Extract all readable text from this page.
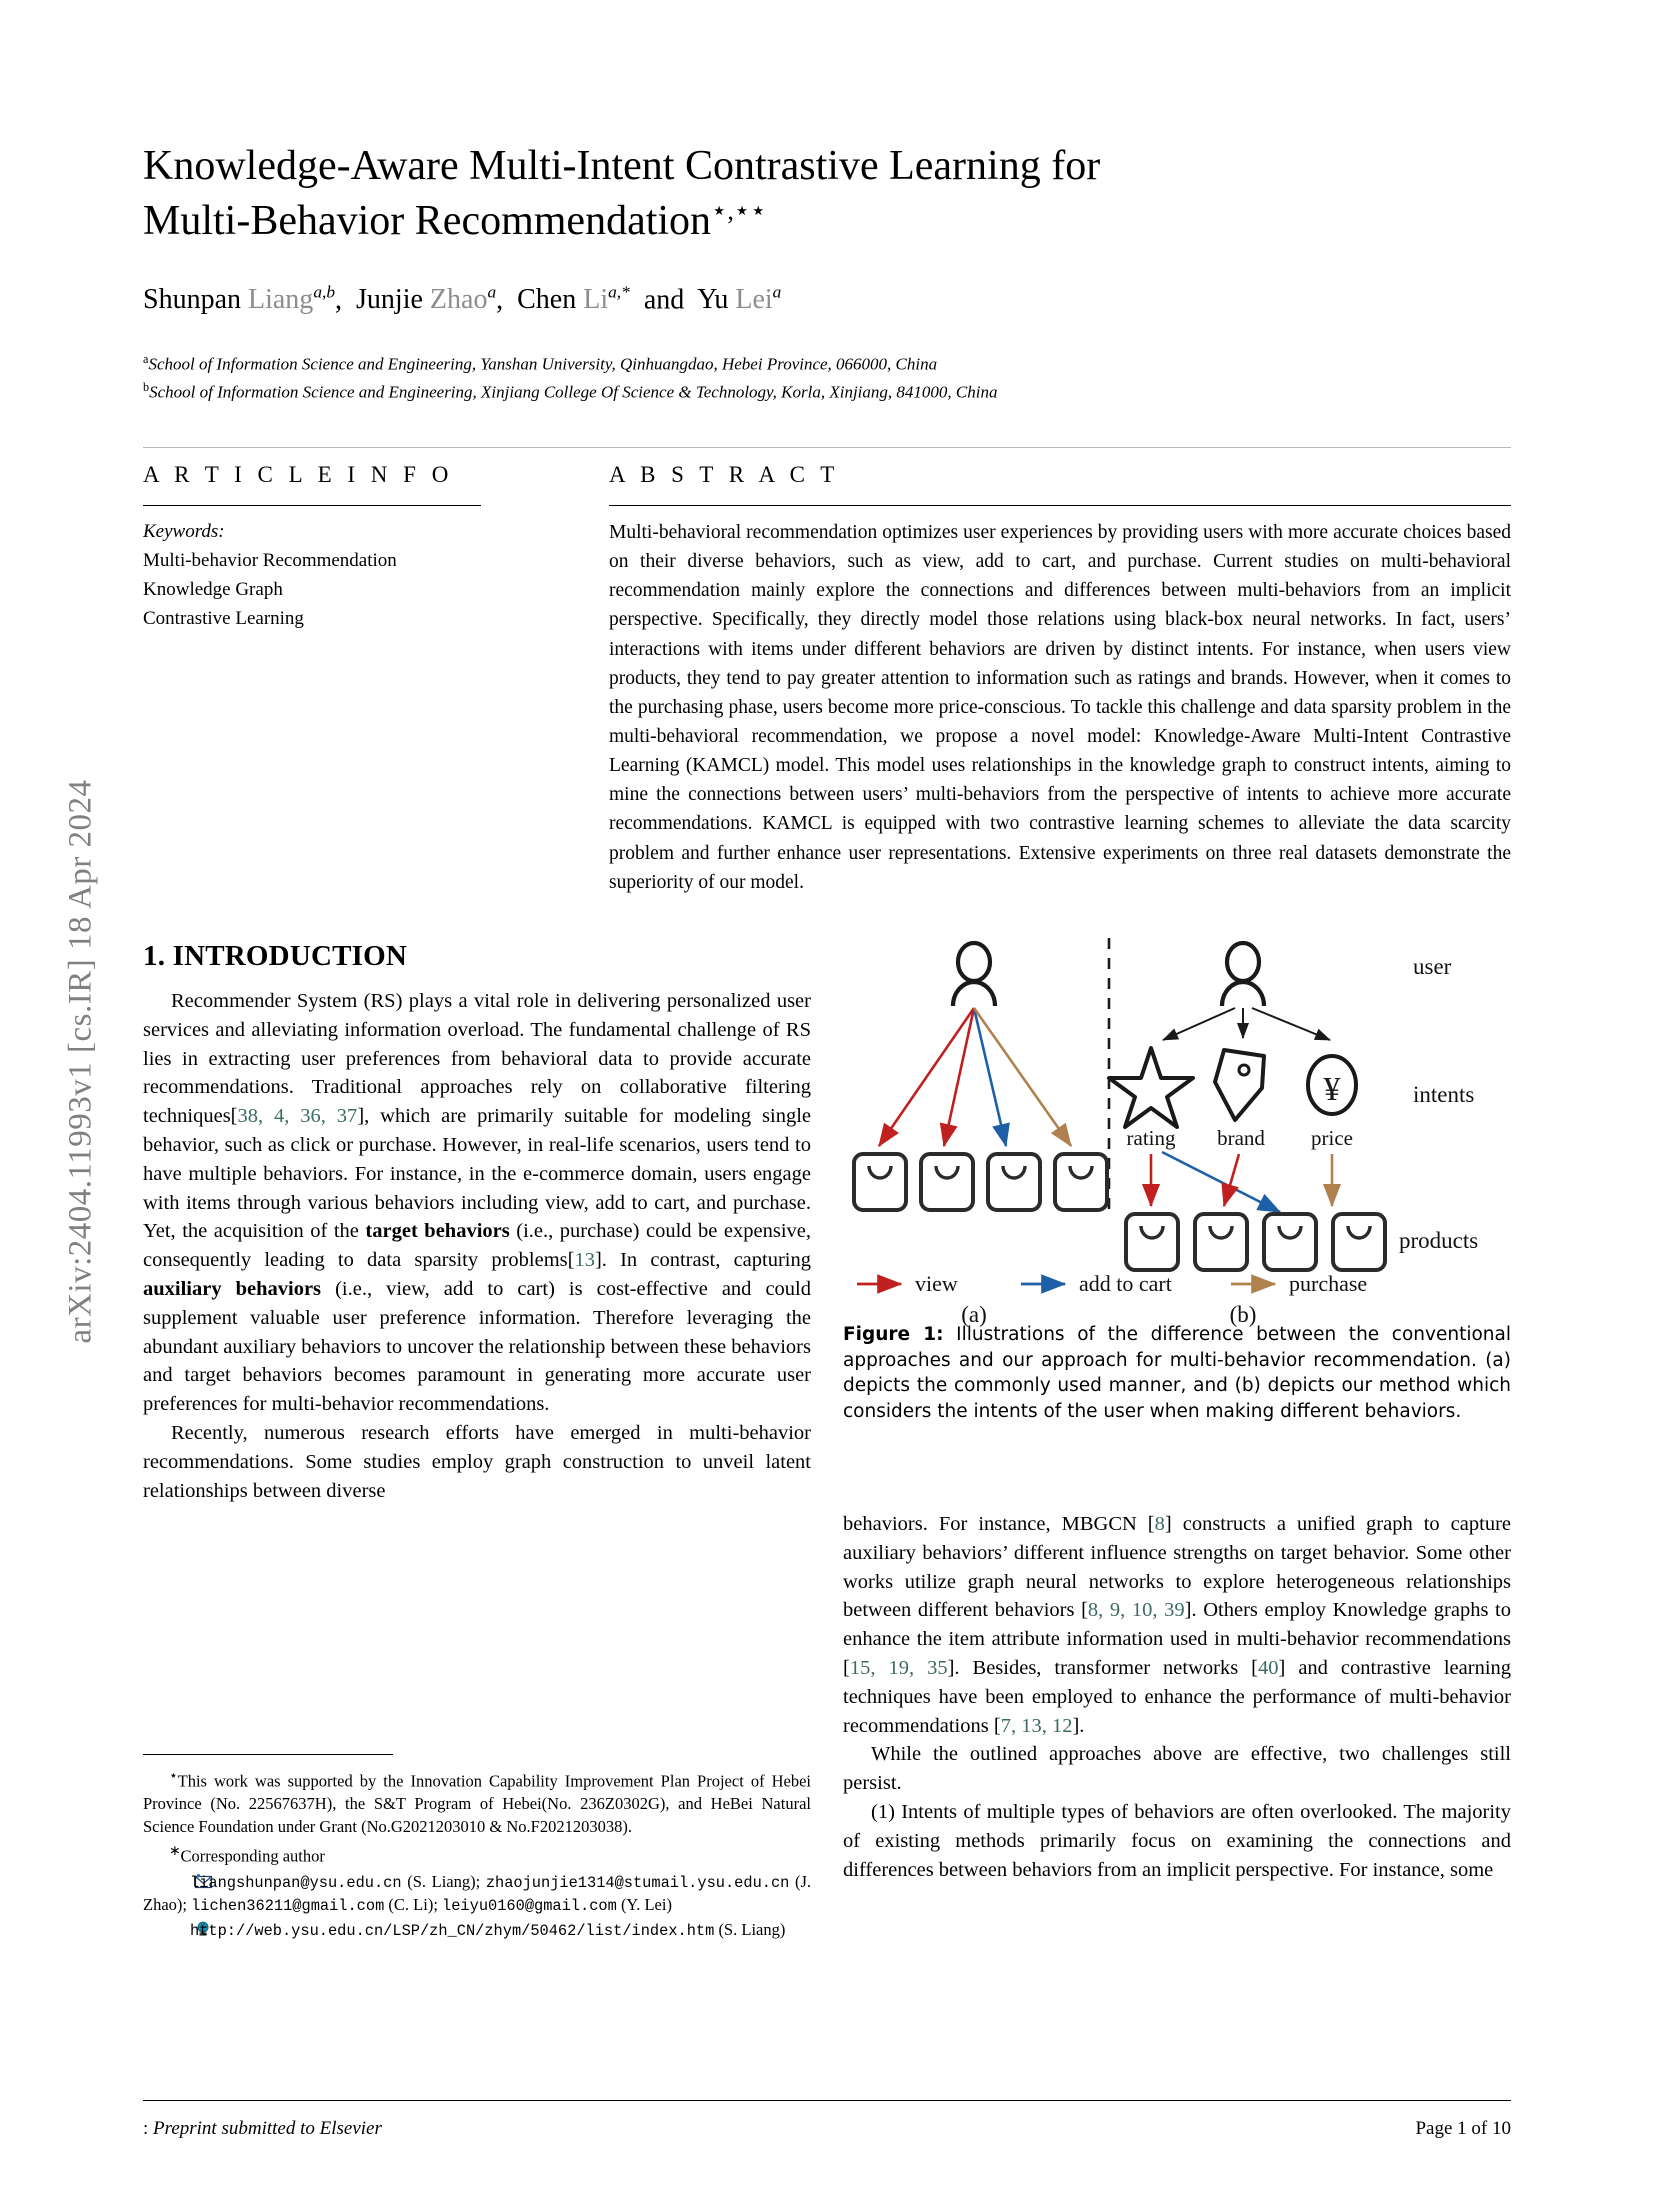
arXiv:2404.11993v1 [cs.IR] 18 Apr 2024
Knowledge-Aware Multi-Intent Contrastive Learning for
Multi-Behavior Recommendation⋆,⋆⋆
Shunpan Liang$^{a,b}$, Junjie Zhao$^a$, Chen $Li^{a,*}$ and Yu Lei$^a$
$^a$School of Information Science and Engineering, Yanshan University, Qinhuangdao, Hebei Province, 066000, China
$^b$School of Information Science and Engineering, Xinjiang College Of Science & Technology, Korla, Xinjiang, 841000, China
A R T I C L E I N F O
Keywords:
Multi-behavior Recommendation
Knowledge Graph
Contrastive Learning
A B S T R A C T
Multi-behavioral recommendation optimizes user experiences by providing users with more accurate choices based on their diverse behaviors, such as view, add to cart, and purchase. Current studies on multi-behavioral recommendation mainly explore the connections and differences between multi-behaviors from an implicit perspective. Specifically, they directly model those relations using black-box neural networks. In fact, users’ interactions with items under different behaviors are driven by distinct intents. For instance, when users view products, they tend to pay greater attention to information such as ratings and brands. However, when it comes to the purchasing phase, users become more price-conscious. To tackle this challenge and data sparsity problem in the multi-behavioral recommendation, we propose a novel model: Knowledge-Aware Multi-Intent Contrastive Learning (KAMCL) model. This model uses relationships in the knowledge graph to construct intents, aiming to mine the connections between users’ multi-behaviors from the perspective of intents to achieve more accurate recommendations. KAMCL is equipped with two contrastive learning schemes to alleviate the data scarcity problem and further enhance user representations. Extensive experiments on three real datasets demonstrate the superiority of our model.
1. INTRODUCTION

Recommender System (RS) plays a vital role in delivering personalized user services and alleviating information overload. The fundamental challenge of RS lies in extracting user preferences from behavioral data to provide accurate recommendations. Traditional approaches rely on collaborative filtering techniques[38, 4, 36, 37], which are primarily suitable for modeling single behavior, such as click or purchase. However, in real-life scenarios, users tend to have multiple behaviors. For instance, in the e-commerce domain, users engage with items through various behaviors including view, add to cart, and purchase. Yet, the acquisition of the target behaviors (i.e., purchase) could be expensive, consequently leading to data sparsity problems[13]. In contrast, capturing auxiliary behaviors (i.e., view, add to cart) is cost-effective and could supplement valuable user preference information. Therefore leveraging the abundant auxiliary behaviors to uncover the relationship between these behaviors and target behaviors becomes paramount in generating more accurate user preferences for multi-behavior recommendations.

Recently, numerous research efforts have emerged in multi-behavior recommendations. Some studies employ graph construction to unveil latent relationships between diverse

⋆This work was supported by the Innovation Capability Improvement Plan Project of Hebei Province (No. 22567637H), the S&T Program of Hebei(No. 236Z0302G), and HeBei Natural Science Foundation under Grant (No.G2021203010 & No.F2021203038).

∗Corresponding author

liangshunpan@ysu.edu.cn (S. Liang); zhaojunjie1314@stumail.ysu.edu.cn (J. Zhao); lichen36211@gmail.com (C. Li); leiyu0160@gmail.com (Y. Lei)

http://web.ysu.edu.cn/LSP/zh_CN/zhym/50462/list/index.htm (S. Liang)

¥
rating brand price
user
intents
products
view	add to cart	purchase
(a)	(b)
Figure 1: Illustrations of the difference between the conventional approaches and our approach for multi-behavior recommendation. (a) depicts the commonly used manner, and (b) depicts our method which considers the intents of the user when making different behaviors.

behaviors. For instance, MBGCN [8] constructs a unified graph to capture auxiliary behaviors’ different influence strengths on target behavior. Some other works utilize graph neural networks to explore heterogeneous relationships between different behaviors [8, 9, 10, 39]. Others employ Knowledge graphs to enhance the item attribute information used in multi-behavior recommendations [15, 19, 35]. Besides, transformer networks [40] and contrastive learning techniques have been employed to enhance the performance of multi-behavior recommendations [7, 13, 12].

While the outlined approaches above are effective, two challenges still persist.

(1) Intents of multiple types of behaviors are often overlooked. The majority of existing methods primarily focus on examining the connections and differences between behaviors from an implicit perspective. For instance, some

: Preprint submitted to Elsevier	Page 1 of 10
